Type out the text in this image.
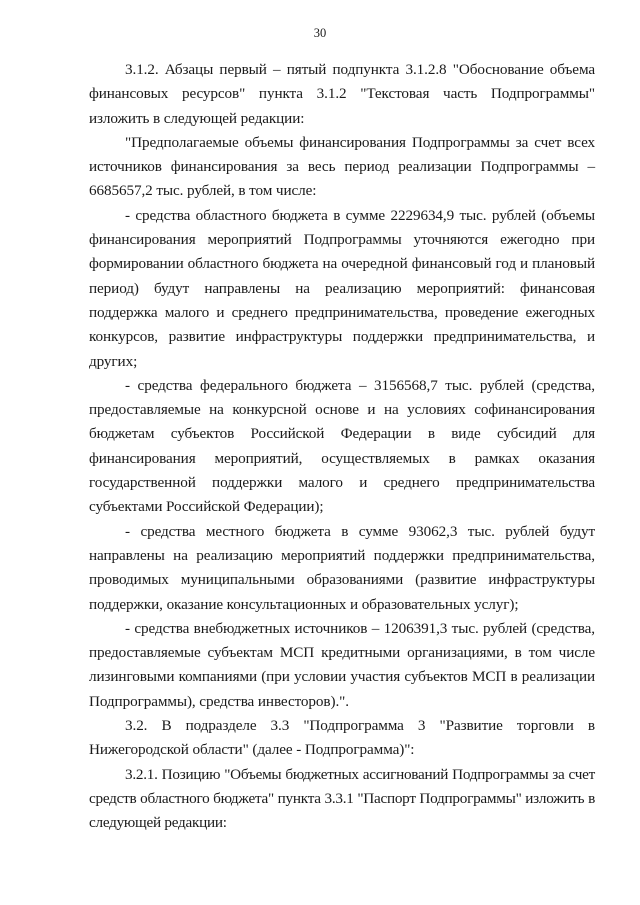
30

3.1.2. Абзацы первый – пятый подпункта 3.1.2.8 "Обоснование объема финансовых ресурсов" пункта 3.1.2 "Текстовая часть Подпрограммы" изложить в следующей редакции:

"Предполагаемые объемы финансирования Подпрограммы за счет всех источников финансирования за весь период реализации Подпрограммы – 6685657,2 тыс. рублей, в том числе:

- средства областного бюджета в сумме 2229634,9 тыс. рублей (объемы финансирования мероприятий Подпрограммы уточняются ежегодно при формировании областного бюджета на очередной финансовый год и плановый период) будут направлены на реализацию мероприятий: финансовая поддержка малого и среднего предпринимательства, проведение ежегодных конкурсов, развитие инфраструктуры поддержки предпринимательства, и других;

- средства федерального бюджета – 3156568,7 тыс. рублей (средства, предоставляемые на конкурсной основе и на условиях софинансирования бюджетам субъектов Российской Федерации в виде субсидий для финансирования мероприятий, осуществляемых в рамках оказания государственной поддержки малого и среднего предпринимательства субъектами Российской Федерации);

- средства местного бюджета в сумме 93062,3 тыс. рублей будут направлены на реализацию мероприятий поддержки предпринимательства, проводимых муниципальными образованиями (развитие инфраструктуры поддержки, оказание консультационных и образовательных услуг);

- средства внебюджетных источников – 1206391,3 тыс. рублей (средства, предоставляемые субъектам МСП кредитными организациями, в том числе лизинговыми компаниями (при условии участия субъектов МСП в реализации Подпрограммы), средства инвесторов).".

3.2. В подразделе 3.3 "Подпрограмма 3 "Развитие торговли в Нижегородской области" (далее - Подпрограмма)":

3.2.1. Позицию "Объемы бюджетных ассигнований Подпрограммы за счет средств областного бюджета" пункта 3.3.1 "Паспорт Подпрограммы" изложить в следующей редакции:
